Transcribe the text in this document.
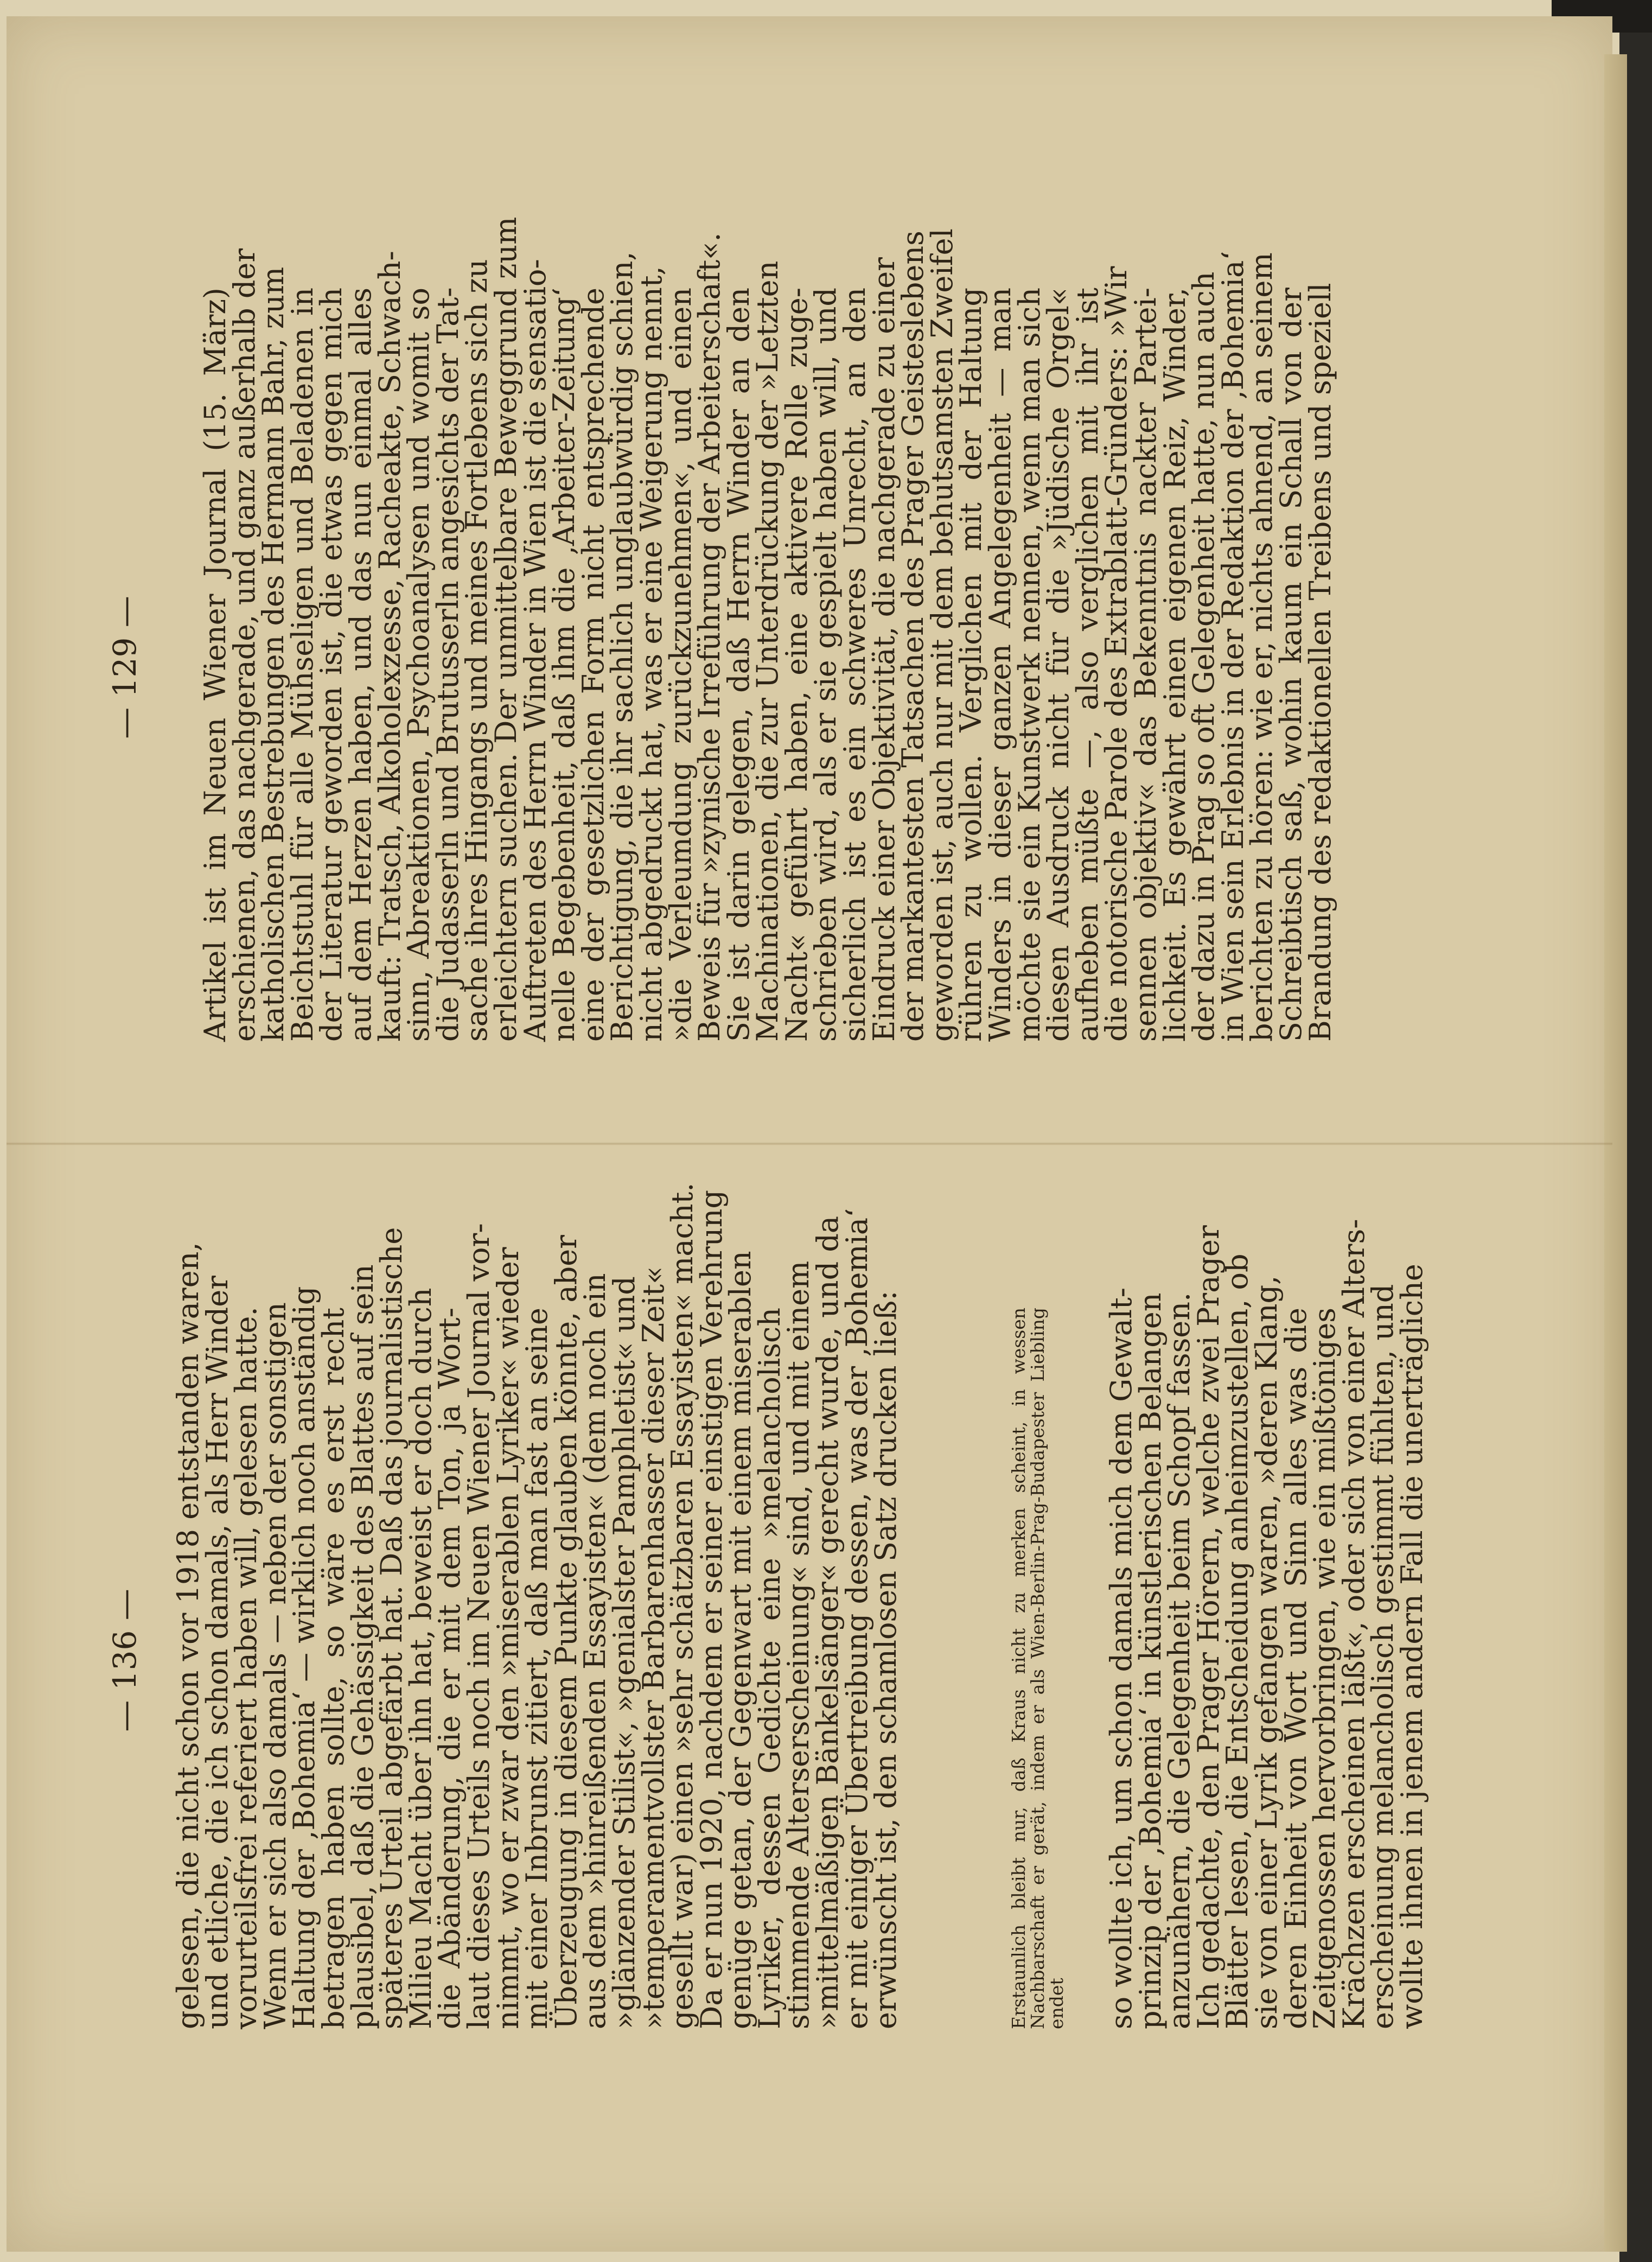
— 136 — gelesen, die nicht schon vor 1918 entstanden waren,
und etliche, die ich schon damals, als Herr Winder
vorurteilsfrei referiert haben will, gelesen hatte.
Wenn er sich also damals — neben der sonstigen
Haltung der ‚Bohemia‘ — wirklich noch anständig
betragen haben sollte, so wäre es erst recht
plausibel, daß die Gehässigkeit des Blattes auf sein
späteres Urteil abgefärbt hat. Daß das journalistische
Milieu Macht über ihn hat, beweist er doch durch
die Abänderung, die er mit dem Ton, ja Wort-
laut dieses Urteils noch im Neuen Wiener Journal vor-
nimmt, wo er zwar den »miserablen Lyriker« wieder
mit einer Inbrunst zitiert, daß man fast an seine
Überzeugung in diesem Punkte glauben könnte, aber
aus dem »hinreißenden Essayisten« (dem noch ein
»glänzender Stilist«, »genialster Pamphletist« und
»temperamentvollster Barbarenhasser dieser Zeit«
gesellt war) einen »sehr schätzbaren Essayisten« macht.
Da er nun 1920, nachdem er seiner einstigen Verehrung
genüge getan, der Gegenwart mit einem miserablen
Lyriker, dessen Gedichte eine »melancholisch
stimmende Alterserscheinung« sind, und mit einem
»mittelmäßigen Bänkelsänger« gerecht wurde, und da
er mit einiger Übertreibung dessen, was der ‚Bohemia‘
erwünscht ist, den schamlosen Satz drucken ließ:	Erstaunlich bleibt nur, daß Kraus nicht zu merken scheint, in wessen
Nachbarschaft er gerät, indem er als Wien-Berlin-Prag-Budapester Liebling
endet so wollte ich, um schon damals mich dem Gewalt-
prinzip der ‚Bohemia‘ in künstlerischen Belangen
anzunähern, die Gelegenheit beim Schopf fassen.
Ich gedachte, den Prager Hörern, welche zwei Prager
Blätter lesen, die Entscheidung anheimzustellen, ob
sie von einer Lyrik gefangen waren, »deren Klang,
deren Einheit von Wort und Sinn alles was die
Zeitgenossen hervorbringen, wie ein mißtöniges
Krächzen erscheinen läßt«, oder sich von einer Alters-
erscheinung melancholisch gestimmt fühlten, und
wollte ihnen in jenem andern Fall die unerträgliche
— 129 — Artikel ist im Neuen Wiener Journal (15. März)
erschienen, das nachgerade, und ganz außerhalb der
katholischen Bestrebungen des Hermann Bahr, zum
Beichtstuhl für alle Mühseligen und Beladenen in
der Literatur geworden ist, die etwas gegen mich
auf dem Herzen haben, und das nun einmal alles
kauft: Tratsch, Alkoholexzesse, Racheakte, Schwach-
sinn, Abreaktionen, Psychoanalysen und womit so
die Judasserln und Brutusserln angesichts der Tat-
sache ihres Hingangs und meines Fortlebens sich zu
erleichtern suchen. Der unmittelbare Beweggrund zum
Auftreten des Herrn Winder in Wien ist die sensatio-
nelle Begebenheit, daß ihm die ‚Arbeiter-Zeitung‘
eine der gesetzlichen Form nicht entsprechende
Berichtigung, die ihr sachlich unglaubwürdig schien,
nicht abgedruckt hat, was er eine Weigerung nennt,
»die Verleumdung zurückzunehmen«, und einen
Beweis für »zynische Irreführung der Arbeiterschaft«.
Sie ist darin gelegen, daß Herrn Winder an den
Machinationen, die zur Unterdrückung der »Letzten
Nacht« geführt haben, eine aktivere Rolle zuge-
schrieben wird, als er sie gespielt haben will, und
sicherlich ist es ein schweres Unrecht, an den
Eindruck einer Objektivität, die nachgerade zu einer
der markantesten Tatsachen des Prager Geisteslebens
geworden ist, auch nur mit dem behutsamsten Zweifel
rühren zu wollen. Verglichen mit der Haltung
Winders in dieser ganzen Angelegenheit — man
möchte sie ein Kunstwerk nennen, wenn man sich
diesen Ausdruck nicht für die »Jüdische Orgel«
aufheben müßte —, also verglichen mit ihr ist
die notorische Parole des Extrablatt-Gründers: »Wir
sennen objektiv« das Bekenntnis nackter Partei-
lichkeit. Es gewährt einen eigenen Reiz, Winder,
der dazu in Prag so oft Gelegenheit hatte, nun auch
in Wien sein Erlebnis in der Redaktion der ‚Bohemia‘
berichten zu hören: wie er, nichts ahnend, an seinem
Schreibtisch saß, wohin kaum ein Schall von der
Brandung des redaktionellen Treibens und speziell
